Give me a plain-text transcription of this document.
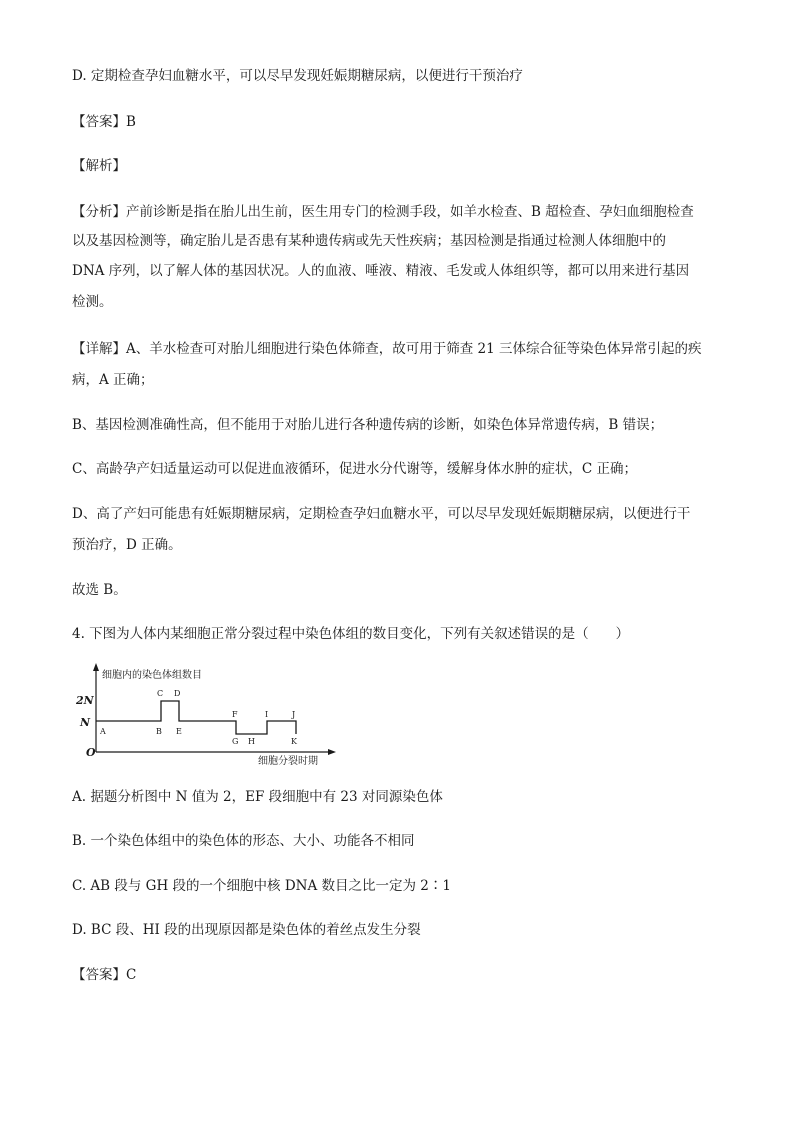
D. 定期检查孕妇血糖水平，可以尽早发现妊娠期糖尿病，以便进行干预治疗
【答案】B
【解析】
【分析】产前诊断是指在胎儿出生前，医生用专门的检测手段，如羊水检查、B 超检查、孕妇血细胞检查
以及基因检测等，确定胎儿是否患有某种遗传病或先天性疾病；基因检测是指通过检测人体细胞中的
DNA 序列，以了解人体的基因状况。人的血液、唾液、精液、毛发或人体组织等，都可以用来进行基因
检测。
【详解】A、羊水检查可对胎儿细胞进行染色体筛查，故可用于筛查 21 三体综合征等染色体异常引起的疾
病，A 正确；
B、基因检测准确性高，但不能用于对胎儿进行各种遗传病的诊断，如染色体异常遗传病，B 错误；
C、高龄孕产妇适量运动可以促进血液循环，促进水分代谢等，缓解身体水肿的症状，C 正确；
D、高了产妇可能患有妊娠期糖尿病，定期检查孕妇血糖水平，可以尽早发现妊娠期糖尿病，以便进行干
预治疗，D 正确。
故选 B。
4. 下图为人体内某细胞正常分裂过程中染色体组的数目变化，下列有关叙述错误的是（　　）
细胞内的染色体组数目
细胞分裂时期
2N
N
O
A	B
C D
E
F
G H
I	J
K
A. 据题分析图中 N 值为 2，EF 段细胞中有 23 对同源染色体
B. 一个染色体组中的染色体的形态、大小、功能各不相同
C. AB 段与 GH 段的一个细胞中核 DNA 数目之比一定为 2∶1
D. BC 段、HI 段的出现原因都是染色体的着丝点发生分裂
【答案】C
